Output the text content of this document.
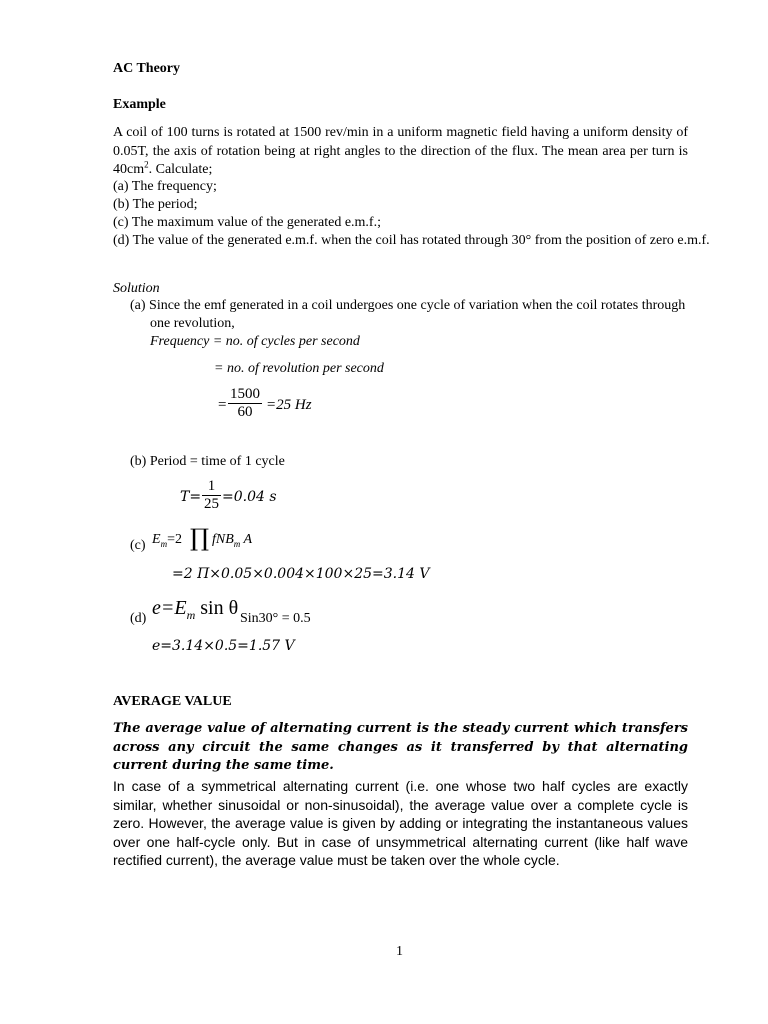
AC Theory
Example
A coil of 100 turns is rotated at 1500 rev/min in a uniform magnetic field having a uniform density of 0.05T, the axis of rotation being at right angles to the direction of the flux. The mean area per turn is $40cm^2$. Calculate;
(a) The frequency;
(b) The period;
(c) The maximum value of the generated e.m.f.;
(d) The value of the generated e.m.f. when the coil has rotated through 30° from the position of zero e.m.f.
Solution
(a) Since the emf generated in a coil undergoes one cycle of variation when the coil rotates through one revolution,
Frequency = no. of cycles per second
= no. of revolution per second
= $\frac{1500}{60} =25$ Hz
(b) Period = time of 1 cycle
$T= \frac{1}{25} =0.04$ s
(c) $E_m=2$ ∏ fNB$_m$ A
=2 Π×0.05×0.004×100×25=3.14 V
(d) $e=E_m$ sin θ Sin30° = 0.5
e=3.14×0.5=1.57 V
AVERAGE VALUE
The average value of alternating current is the steady current which transfers across any circuit the same changes as it transferred by that alternating current during the same time.
In case of a symmetrical alternating current (i.e. one whose two half cycles are exactly similar, whether sinusoidal or non-sinusoidal), the average value over a complete cycle is zero. However, the average value is given by adding or integrating the instantaneous values over one half-cycle only. But in case of unsymmetrical alternating current (like half wave rectified current), the average value must be taken over the whole cycle.
1
